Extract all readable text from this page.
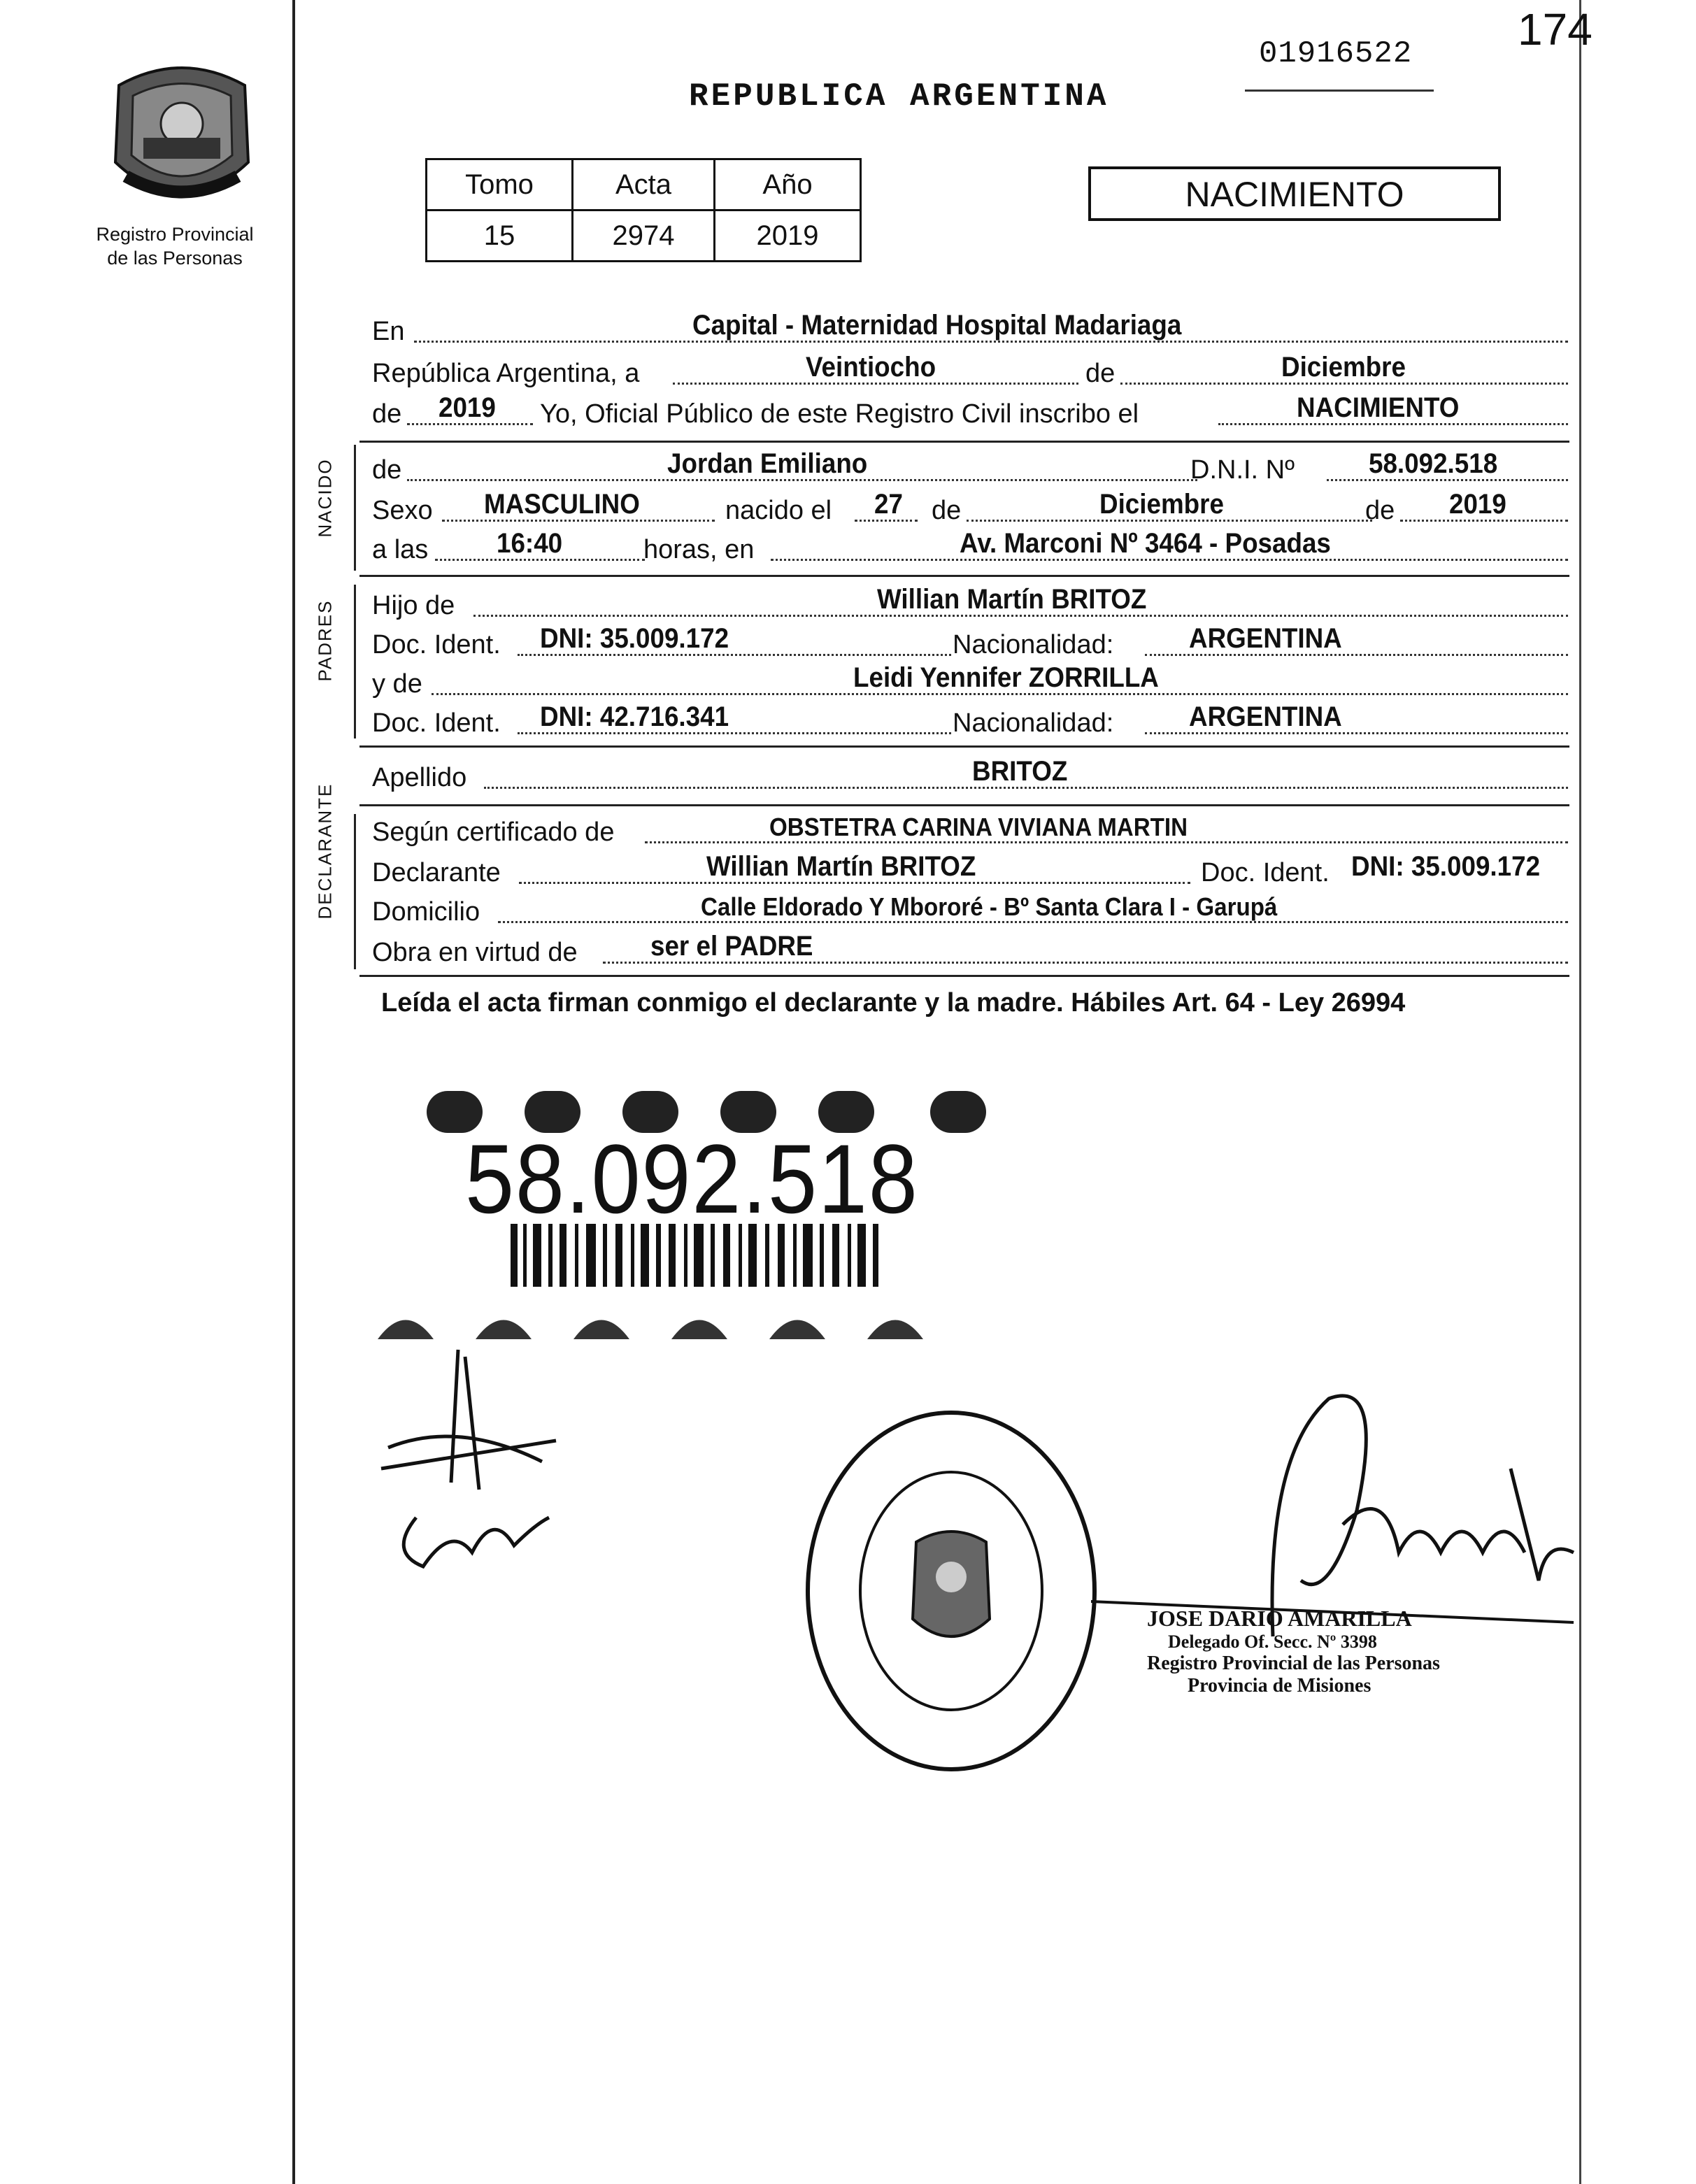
Registro Provincial
de las Personas
174
01916522
REPUBLICA ARGENTINA
Tomo	Acta	Año
15	2974	2019
NACIMIENTO
En	Capital - Maternidad Hospital Madariaga
República Argentina, a	Veintiocho	de	Diciembre
de 2019 Yo, Oficial Público de este Registro Civil inscribo el	NACIMIENTO
NACIDO de	Jordan Emiliano	D.N.I. Nº	58.092.518
Sexo MASCULINO	nacido el 27 de	Diciembre	de 2019
a las 16:40	horas, en	Av. Marconi Nº 3464 - Posadas
PADRES Hijo de	Willian Martín BRITOZ
Doc. Ident. DNI: 35.009.172	Nacionalidad:	ARGENTINA
y de	Leidi Yennifer ZORRILLA
Doc. Ident. DNI: 42.716.341	Nacionalidad:	ARGENTINA
Apellido	BRITOZ
DECLARANTE Según certificado de	OBSTETRA CARINA VIVIANA MARTIN
Declarante	Willian Martín BRITOZ	Doc. Ident. DNI: 35.009.172
Domicilio	Calle Eldorado Y Mbororé - Bº Santa Clara I - Garupá
Obra en virtud de	ser el PADRE
Leída el acta firman conmigo el declarante y la madre. Hábiles Art. 64 - Ley 26994
58.092.518
JOSE DARIO AMARILLA
Delegado Of. Secc. Nº 3398
Registro Provincial de las Personas
Provincia de Misiones
